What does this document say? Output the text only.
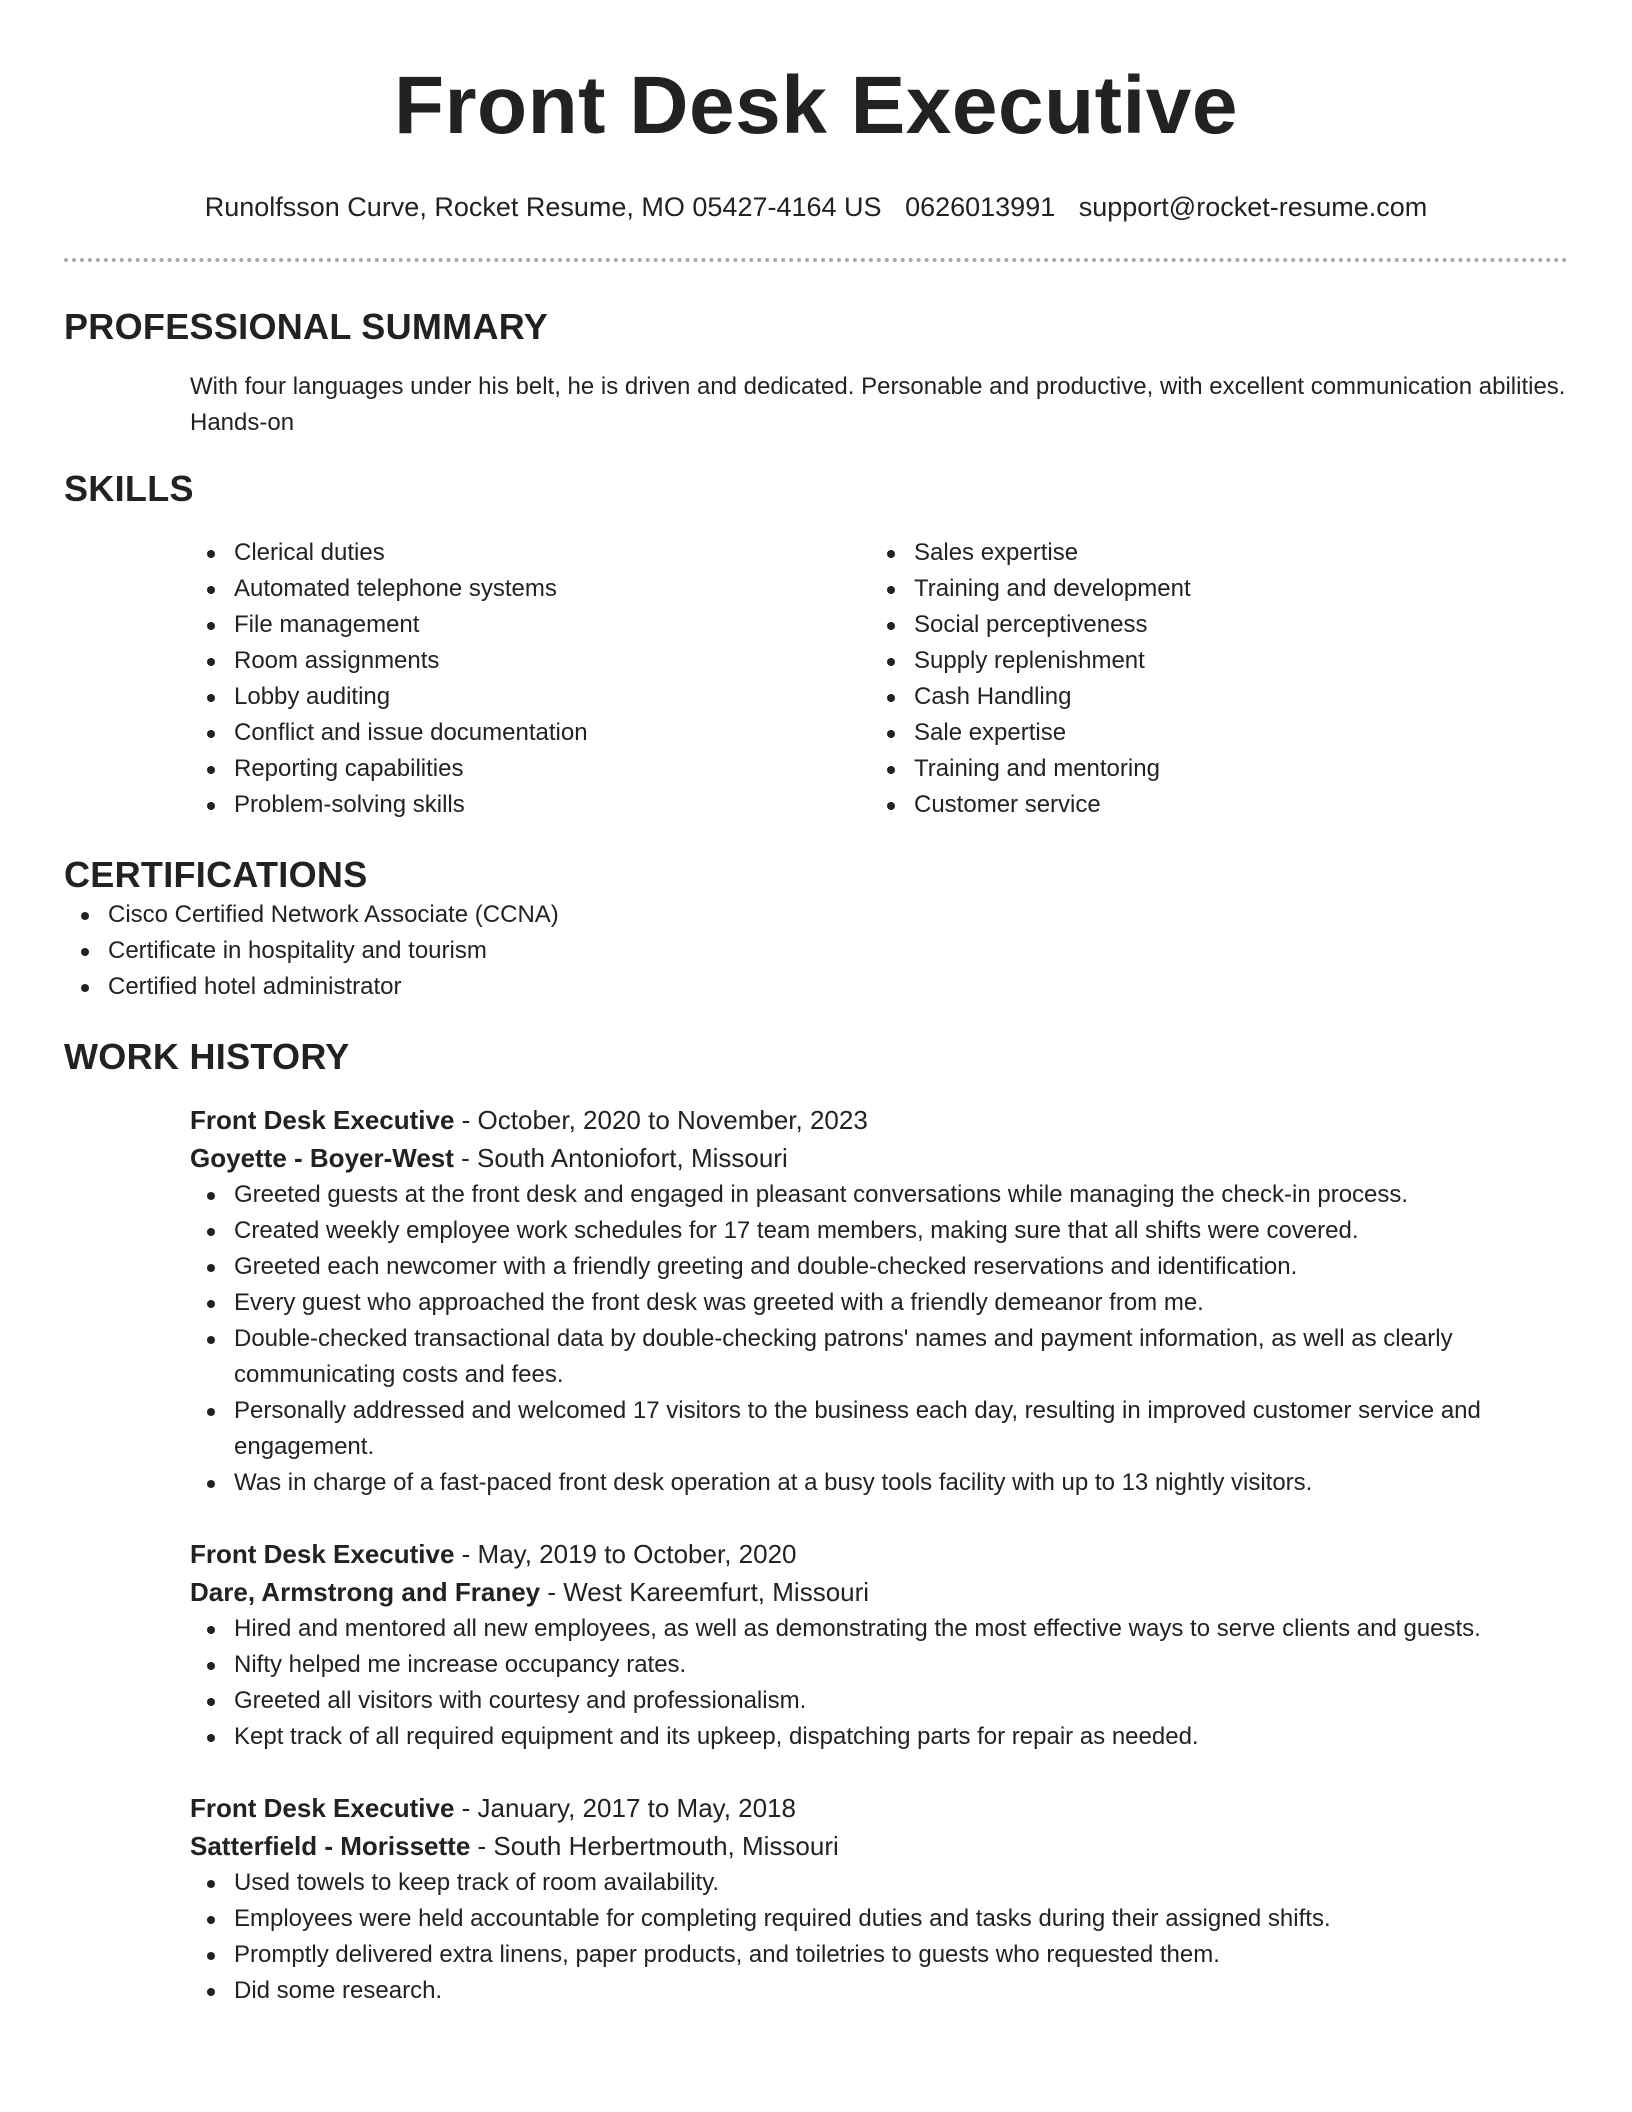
Front Desk Executive
Runolfsson Curve, Rocket Resume, MO 05427-4164 US 0626013991 support@rocket-resume.com
PROFESSIONAL SUMMARY
With four languages under his belt, he is driven and dedicated. Personable and productive, with excellent communication abilities. Hands-on
SKILLS
Clerical duties
Automated telephone systems
File management
Room assignments
Lobby auditing
Conflict and issue documentation
Reporting capabilities
Problem-solving skills
Sales expertise
Training and development
Social perceptiveness
Supply replenishment
Cash Handling
Sale expertise
Training and mentoring
Customer service
CERTIFICATIONS
Cisco Certified Network Associate (CCNA)
Certificate in hospitality and tourism
Certified hotel administrator
WORK HISTORY
Front Desk Executive - October, 2020 to November, 2023
Goyette - Boyer-West - South Antoniofort, Missouri
Greeted guests at the front desk and engaged in pleasant conversations while managing the check-in process.
Created weekly employee work schedules for 17 team members, making sure that all shifts were covered.
Greeted each newcomer with a friendly greeting and double-checked reservations and identification.
Every guest who approached the front desk was greeted with a friendly demeanor from me.
Double-checked transactional data by double-checking patrons' names and payment information, as well as clearly communicating costs and fees.
Personally addressed and welcomed 17 visitors to the business each day, resulting in improved customer service and engagement.
Was in charge of a fast-paced front desk operation at a busy tools facility with up to 13 nightly visitors.
Front Desk Executive - May, 2019 to October, 2020
Dare, Armstrong and Franey - West Kareemfurt, Missouri
Hired and mentored all new employees, as well as demonstrating the most effective ways to serve clients and guests.
Nifty helped me increase occupancy rates.
Greeted all visitors with courtesy and professionalism.
Kept track of all required equipment and its upkeep, dispatching parts for repair as needed.
Front Desk Executive - January, 2017 to May, 2018
Satterfield - Morissette - South Herbertmouth, Missouri
Used towels to keep track of room availability.
Employees were held accountable for completing required duties and tasks during their assigned shifts.
Promptly delivered extra linens, paper products, and toiletries to guests who requested them.
Did some research.
